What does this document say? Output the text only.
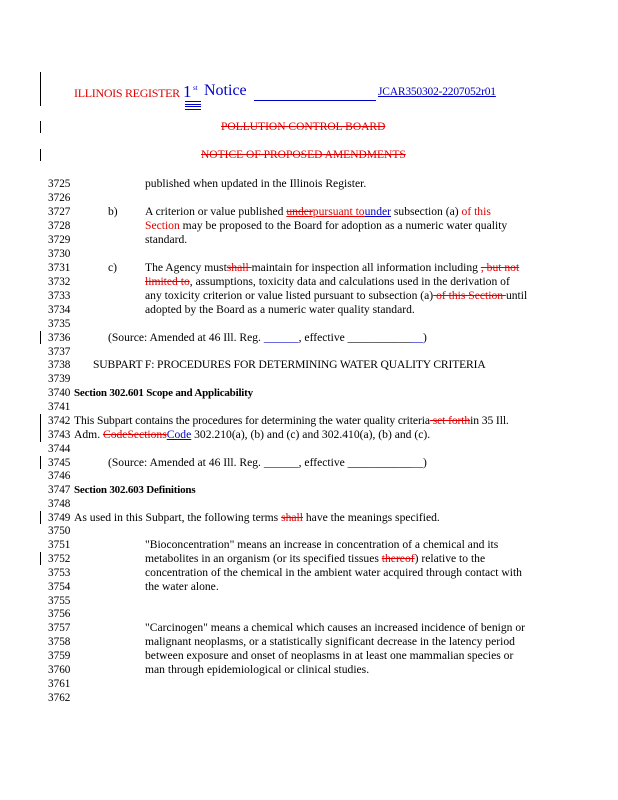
ILLINOIS REGISTER 1 st Notice	JCAR350302-2207052r01
POLLUTION CONTROL BOARD
NOTICE OF PROPOSED AMENDMENTS
3725
3726
3727
3728
3729
3730
3731
3732
3733
3734
3735
3736
3737
3738
3739
3740
3741
3742
3743
3744
3745
3746
3747
3748
3749
3750
3751
3752
3753
3754
3755
3756
3757
3758
3759
3760
3761
3762
published when updated in the Illinois Register.
b) A criterion or value published underpursuant tounder subsection (a) of this
Section may be proposed to the Board for adoption as a numeric water quality
standard.
c) The Agency mustshall maintain for inspection all information including , but not
limited to, assumptions, toxicity data and calculations used in the derivation of
any toxicity criterion or value listed pursuant to subsection (a) of this Section until
adopted by the Board as a numeric water quality standard.
(Source: Amended at 46 Ill. Reg. ______, effective _____________)
SUBPART F: PROCEDURES FOR DETERMINING WATER QUALITY CRITERIA
Section 302.601 Scope and Applicability
This Subpart contains the procedures for determining the water quality criteria set forthin 35 Ill.
Adm. CodeSectionsCode 302.210(a), (b) and (c) and 302.410(a), (b) and (c).
(Source: Amended at 46 Ill. Reg. ______, effective _____________)
Section 302.603 Definitions
As used in this Subpart, the following terms shall have the meanings specified.
"Bioconcentration" means an increase in concentration of a chemical and its
metabolites in an organism (or its specified tissues thereof) relative to the
concentration of the chemical in the ambient water acquired through contact with
the water alone.
"Carcinogen" means a chemical which causes an increased incidence of benign or
malignant neoplasms, or a statistically significant decrease in the latency period
between exposure and onset of neoplasms in at least one mammalian species or
man through epidemiological or clinical studies.
